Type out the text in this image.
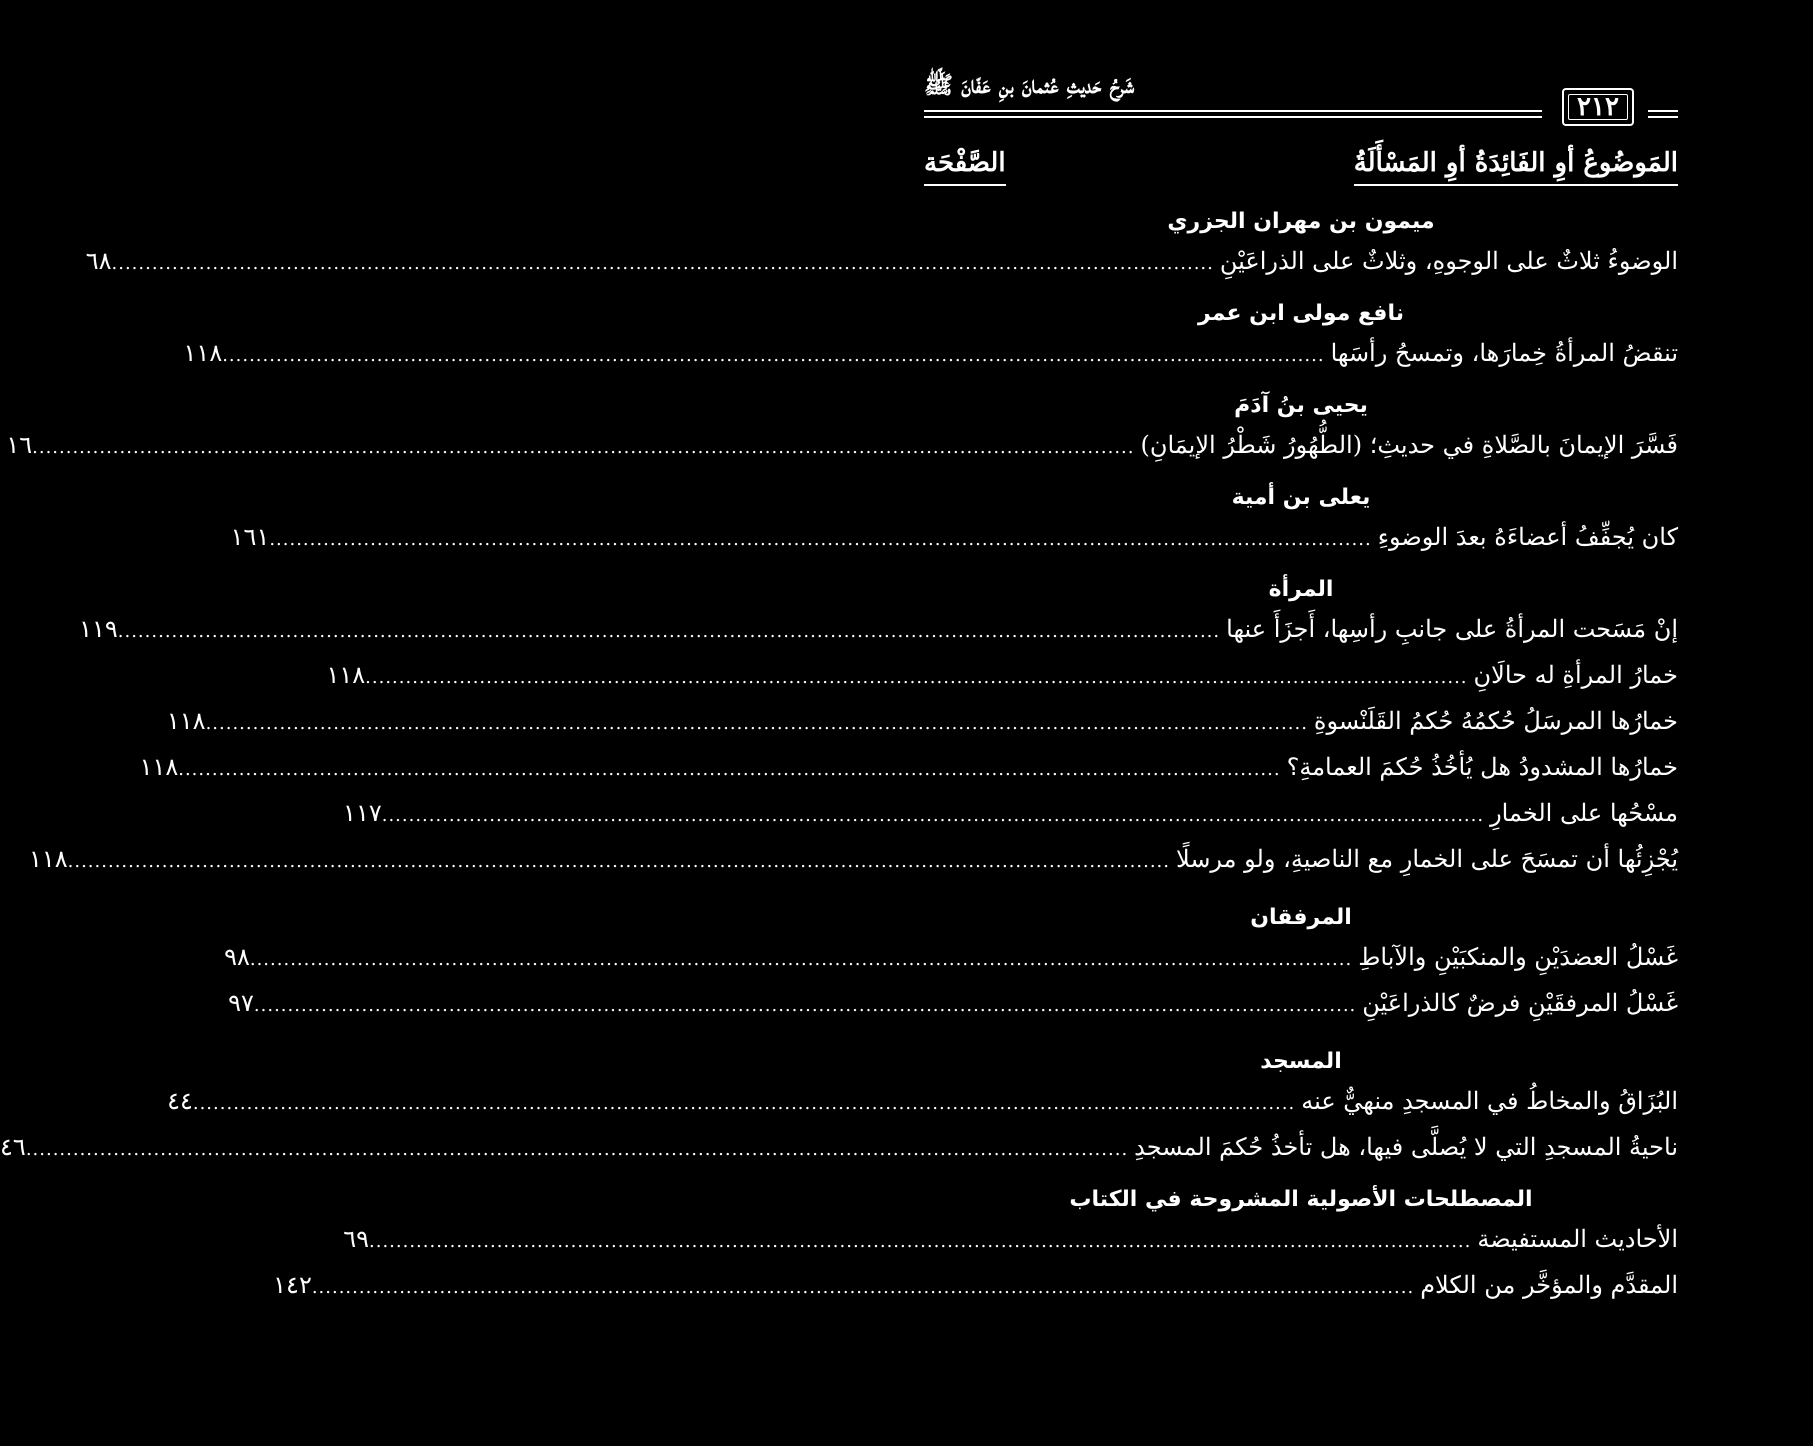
شَرحُ حَديثِ عُثمانَ بنِ عَفّانَ ﷺ
٢١٢
المَوضُوعُ أوِ الفَائِدَةُ أوِ المَسْأَلَةُ
الصَّفْحَة
ميمون بن مهران الجزري
الوضوءُ ثلاثٌ على الوجوهِ، وثلاثٌ على الذراعَيْنِ
....................................................................................................................................................................
٦٨
نافع مولى ابن عمر
تنقضُ المرأةُ خِمارَها، وتمسحُ رأسَها
....................................................................................................................................................................
١١٨
يحيى بنُ آدَمَ
فَسَّرَ الإيمانَ بالصَّلاةِ في حديثِ؛ (الطُّهُورُ شَطْرُ الإيمَانِ)
....................................................................................................................................................................
١٦
يعلى بن أمية
كان يُجفِّفُ أعضاءَهُ بعدَ الوضوءِ
....................................................................................................................................................................
١٦١
المرأة
إنْ مَسَحت المرأةُ على جانبِ رأسِها، أَجزَأَ عنها
....................................................................................................................................................................
١١٩
خمارُ المرأةِ له حالَانِ
....................................................................................................................................................................
١١٨
خمارُها المرسَلُ حُكمُهُ حُكمُ القَلَنْسوةِ
....................................................................................................................................................................
١١٨
خمارُها المشدودُ هل يُأخُذُ حُكمَ العمامةِ؟
....................................................................................................................................................................
١١٨
مسْحُها على الخمارِ
....................................................................................................................................................................
١١٧
يُجْزِئُها أن تمسَحَ على الخمارِ مع الناصيةِ، ولو مرسلًا
....................................................................................................................................................................
١١٨
المرفقان
غَسْلُ العضدَيْنِ والمنكبَيْنِ والآباطِ
....................................................................................................................................................................
٩٨
غَسْلُ المرفقَيْنِ فرضٌ كالذراعَيْنِ
....................................................................................................................................................................
٩٧
المسجد
البُزَاقُ والمخاطُ في المسجدِ منهيٌّ عنه
....................................................................................................................................................................
٤٤
ناحيةُ المسجدِ التي لا يُصلَّى فيها، هل تأخذُ حُكمَ المسجدِ
....................................................................................................................................................................
٤٦
المصطلحات الأصولية المشروحة في الكتاب
الأحاديث المستفيضة
....................................................................................................................................................................
٦٩
المقدَّم والمؤخَّر من الكلام
....................................................................................................................................................................
١٤٢
